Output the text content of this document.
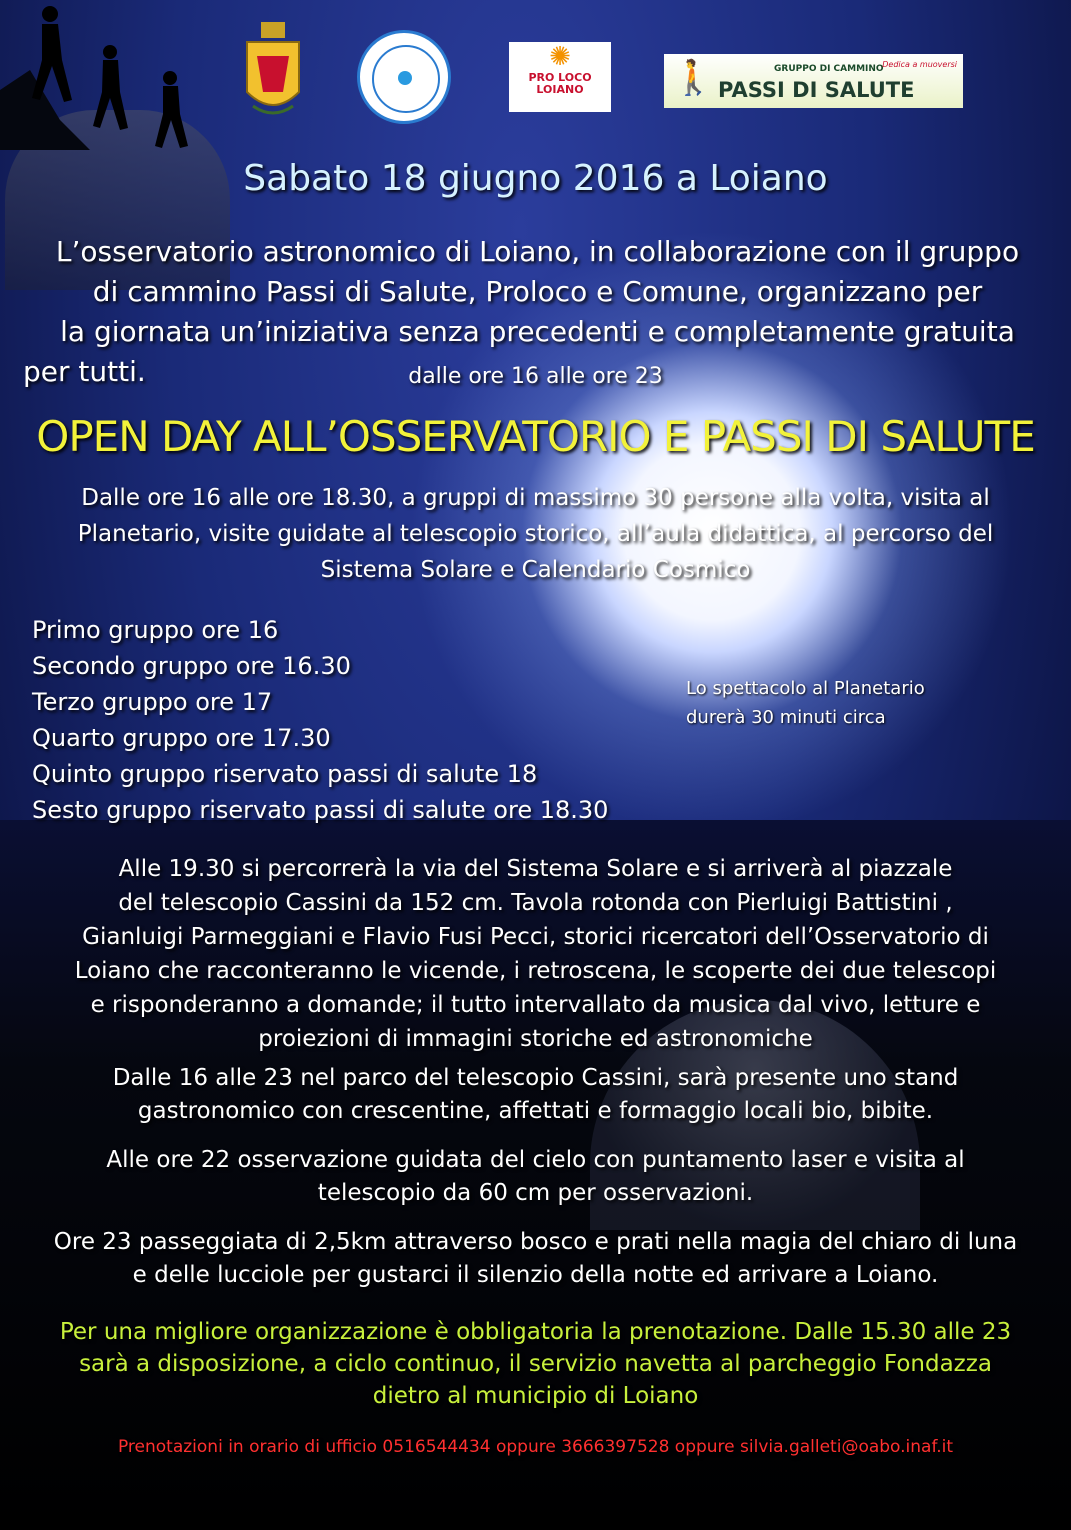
✺
PRO LOCO LOIANO	🚶	GRUPPO DI CAMMINO
PASSI DI SALUTE
Dedica a muoversi
Sabato 18 giugno 2016 a Loiano
L’osservatorio astronomico di Loiano, in collaborazione con il gruppo
di cammino Passi di Salute, Proloco e Comune, organizzano per
la giornata un’iniziativa senza precedenti e completamente gratuita
per tutti.	dalle ore 16 alle ore 23
OPEN DAY ALL’OSSERVATORIO E PASSI DI SALUTE
Dalle ore 16 alle ore 18.30, a gruppi di massimo 30 persone alla volta, visita al
Planetario, visite guidate al telescopio storico, all’aula didattica, al percorso del
Sistema Solare e Calendario Cosmico
Primo gruppo ore 16
Secondo gruppo ore 16.30
Terzo gruppo ore 17
Quarto gruppo ore 17.30
Quinto gruppo riservato passi di salute 18
Sesto gruppo riservato passi di salute ore 18.30
Lo spettacolo al Planetario
durerà 30 minuti circa
Alle 19.30 si percorrerà la via del Sistema Solare e si arriverà al piazzale
del telescopio Cassini da 152 cm. Tavola rotonda con Pierluigi Battistini ,
Gianluigi Parmeggiani e Flavio Fusi Pecci, storici ricercatori dell’Osservatorio di
Loiano che racconteranno le vicende, i retroscena, le scoperte dei due telescopi
e risponderanno a domande; il tutto intervallato da musica dal vivo, letture e
proiezioni di immagini storiche ed astronomiche
Dalle 16 alle 23 nel parco del telescopio Cassini, sarà presente uno stand
gastronomico con crescentine, affettati e formaggio locali bio, bibite.
Alle ore 22 osservazione guidata del cielo con puntamento laser e visita al
telescopio da 60 cm per osservazioni.
Ore 23 passeggiata di 2,5km attraverso bosco e prati nella magia del chiaro di luna
e delle lucciole per gustarci il silenzio della notte ed arrivare a Loiano.
Per una migliore organizzazione è obbligatoria la prenotazione. Dalle 15.30 alle 23
sarà a disposizione, a ciclo continuo, il servizio navetta al parcheggio Fondazza
dietro al municipio di Loiano
Prenotazioni in orario di ufficio 0516544434 oppure 3666397528 oppure silvia.galleti@oabo.inaf.it
